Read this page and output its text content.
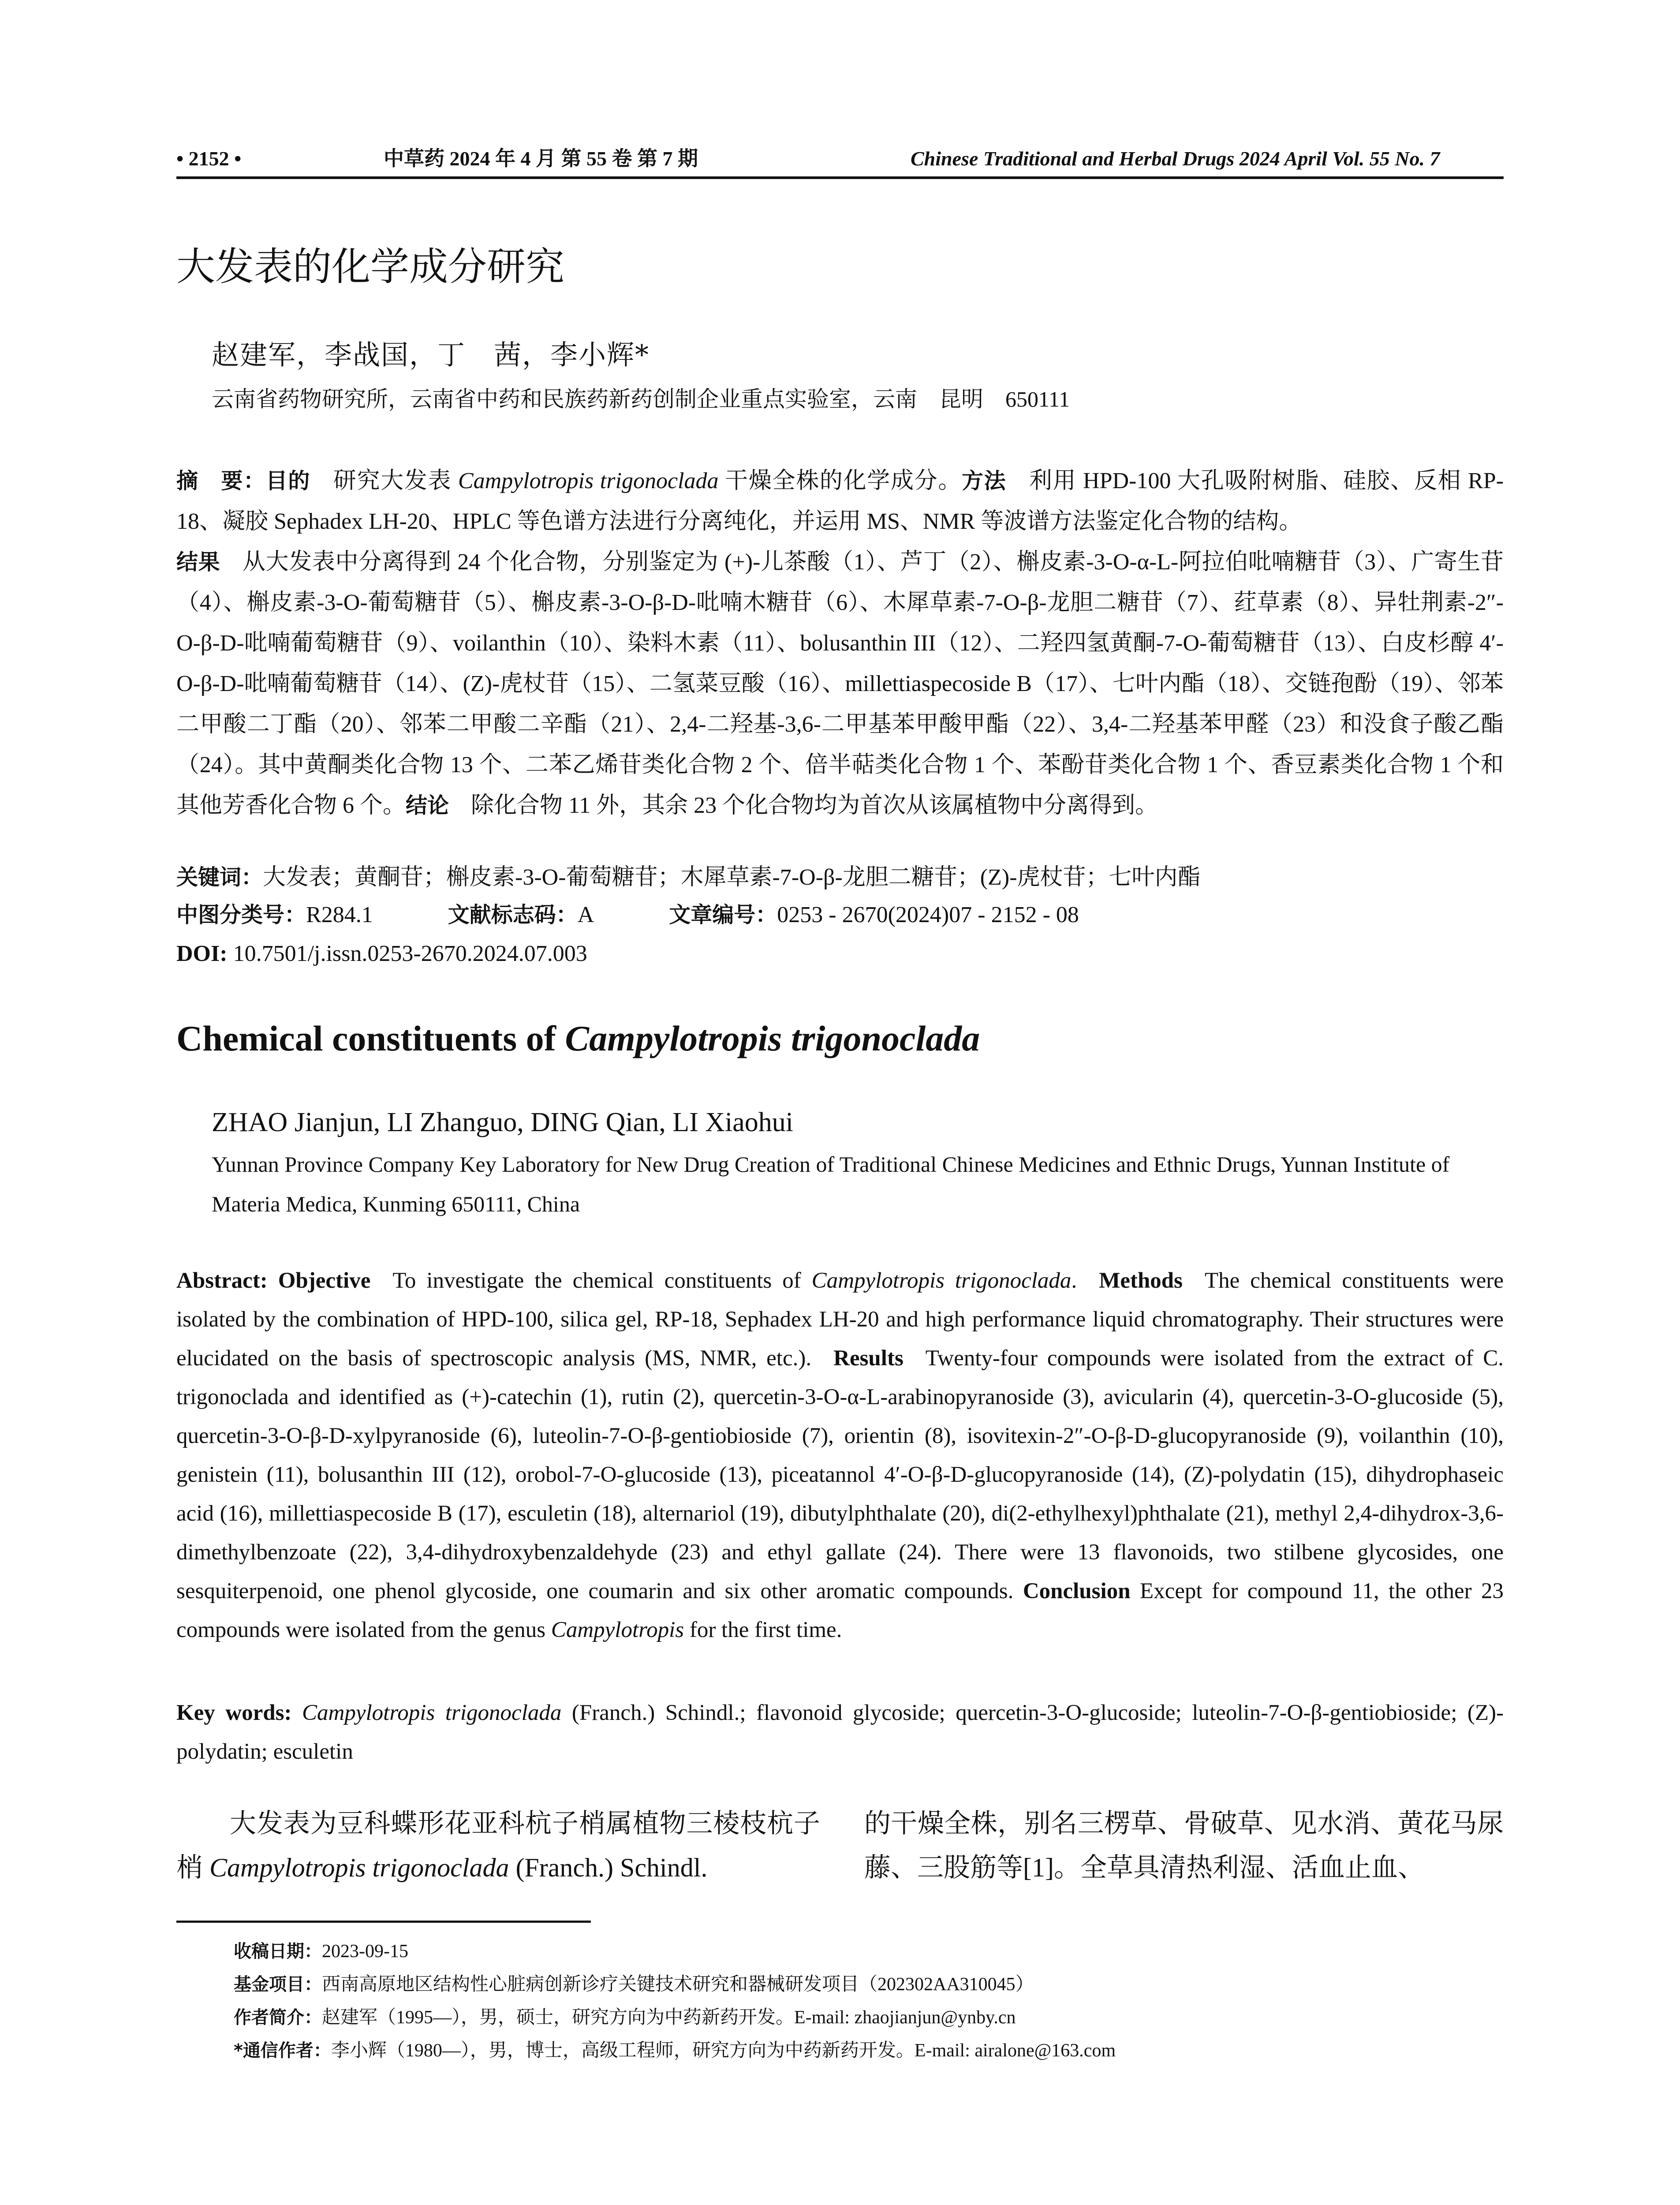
• 2152 •	中草药 2024 年 4 月 第 55 卷 第 7 期	Chinese Traditional and Herbal Drugs 2024 April Vol. 55 No. 7
大发表的化学成分研究
赵建军，李战国，丁　茜，李小辉*
云南省药物研究所，云南省中药和民族药新药创制企业重点实验室，云南　昆明　650111
摘　要：目的 研究大发表 Campylotropis trigonoclada 干燥全株的化学成分。方法 利用 HPD-100 大孔吸附树脂、硅胶、反相 RP-18、凝胶 Sephadex LH-20、HPLC 等色谱方法进行分离纯化，并运用 MS、NMR 等波谱方法鉴定化合物的结构。
结果 从大发表中分离得到 24 个化合物，分别鉴定为 (+)-儿茶酸（1）、芦丁（2）、槲皮素-3-O-α-L-阿拉伯吡喃糖苷（3）、广寄生苷（4）、槲皮素-3-O-葡萄糖苷（5）、槲皮素-3-O-β-D-吡喃木糖苷（6）、木犀草素-7-O-β-龙胆二糖苷（7）、荭草素（8）、异牡荆素-2″-O-β-D-吡喃葡萄糖苷（9）、voilanthin（10）、染料木素（11）、bolusanthin III（12）、二羟四氢黄酮-7-O-葡萄糖苷（13）、白皮杉醇 4′-O-β-D-吡喃葡萄糖苷（14）、(Z)-虎杖苷（15）、二氢菜豆酸（16）、millettiaspecoside B（17）、七叶内酯（18）、交链孢酚（19）、邻苯二甲酸二丁酯（20）、邻苯二甲酸二辛酯（21）、2,4-二羟基-3,6-二甲基苯甲酸甲酯（22）、3,4-二羟基苯甲醛（23）和没食子酸乙酯（24）。其中黄酮类化合物 13 个、二苯乙烯苷类化合物 2 个、倍半萜类化合物 1 个、苯酚苷类化合物 1 个、香豆素类化合物 1 个和其他芳香化合物 6 个。结论 除化合物 11 外，其余 23 个化合物均为首次从该属植物中分离得到。
关键词：大发表；黄酮苷；槲皮素-3-O-葡萄糖苷；木犀草素-7-O-β-龙胆二糖苷；(Z)-虎杖苷；七叶内酯
中图分类号：R284.1	文献标志码：A	文章编号：0253 - 2670(2024)07 - 2152 - 08
DOI: 10.7501/j.issn.0253-2670.2024.07.003
Chemical constituents of Campylotropis trigonoclada
ZHAO Jianjun, LI Zhanguo, DING Qian, LI Xiaohui
Yunnan Province Company Key Laboratory for New Drug Creation of Traditional Chinese Medicines and Ethnic Drugs, Yunnan Institute of Materia Medica, Kunming 650111, China
Abstract: Objective To investigate the chemical constituents of Campylotropis trigonoclada. Methods The chemical constituents were isolated by the combination of HPD-100, silica gel, RP-18, Sephadex LH-20 and high performance liquid chromatography. Their structures were elucidated on the basis of spectroscopic analysis (MS, NMR, etc.). Results Twenty-four compounds were isolated from the extract of C. trigonoclada and identified as (+)-catechin (1), rutin (2), quercetin-3-O-α-L-arabinopyranoside (3), avicularin (4), quercetin-3-O-glucoside (5), quercetin-3-O-β-D-xylpyranoside (6), luteolin-7-O-β-gentiobioside (7), orientin (8), isovitexin-2″-O-β-D-glucopyranoside (9), voilanthin (10), genistein (11), bolusanthin III (12), orobol-7-O-glucoside (13), piceatannol 4′-O-β-D-glucopyranoside (14), (Z)-polydatin (15), dihydrophaseic acid (16), millettiaspecoside B (17), esculetin (18), alternariol (19), dibutylphthalate (20), di(2-ethylhexyl)phthalate (21), methyl 2,4-dihydrox-3,6-dimethylbenzoate (22), 3,4-dihydroxybenzaldehyde (23) and ethyl gallate (24). There were 13 flavonoids, two stilbene glycosides, one sesquiterpenoid, one phenol glycoside, one coumarin and six other aromatic compounds. Conclusion Except for compound 11, the other 23 compounds were isolated from the genus Campylotropis for the first time.
Key words: Campylotropis trigonoclada (Franch.) Schindl.; flavonoid glycoside; quercetin-3-O-glucoside; luteolin-7-O-β-gentiobioside; (Z)-polydatin; esculetin
大发表为豆科蝶形花亚科杭子梢属植物三棱枝杭子梢 Campylotropis trigonoclada (Franch.) Schindl.
的干燥全株，别名三楞草、骨破草、见水消、黄花马尿藤、三股筋等[1]。全草具清热利湿、活血止血、
收稿日期：2023-09-15
基金项目：西南高原地区结构性心脏病创新诊疗关键技术研究和器械研发项目（202302AA310045）
作者简介：赵建军（1995—），男，硕士，研究方向为中药新药开发。E-mail: zhaojianjun@ynby.cn
*通信作者：李小辉（1980—），男，博士，高级工程师，研究方向为中药新药开发。E-mail: airalone@163.com
